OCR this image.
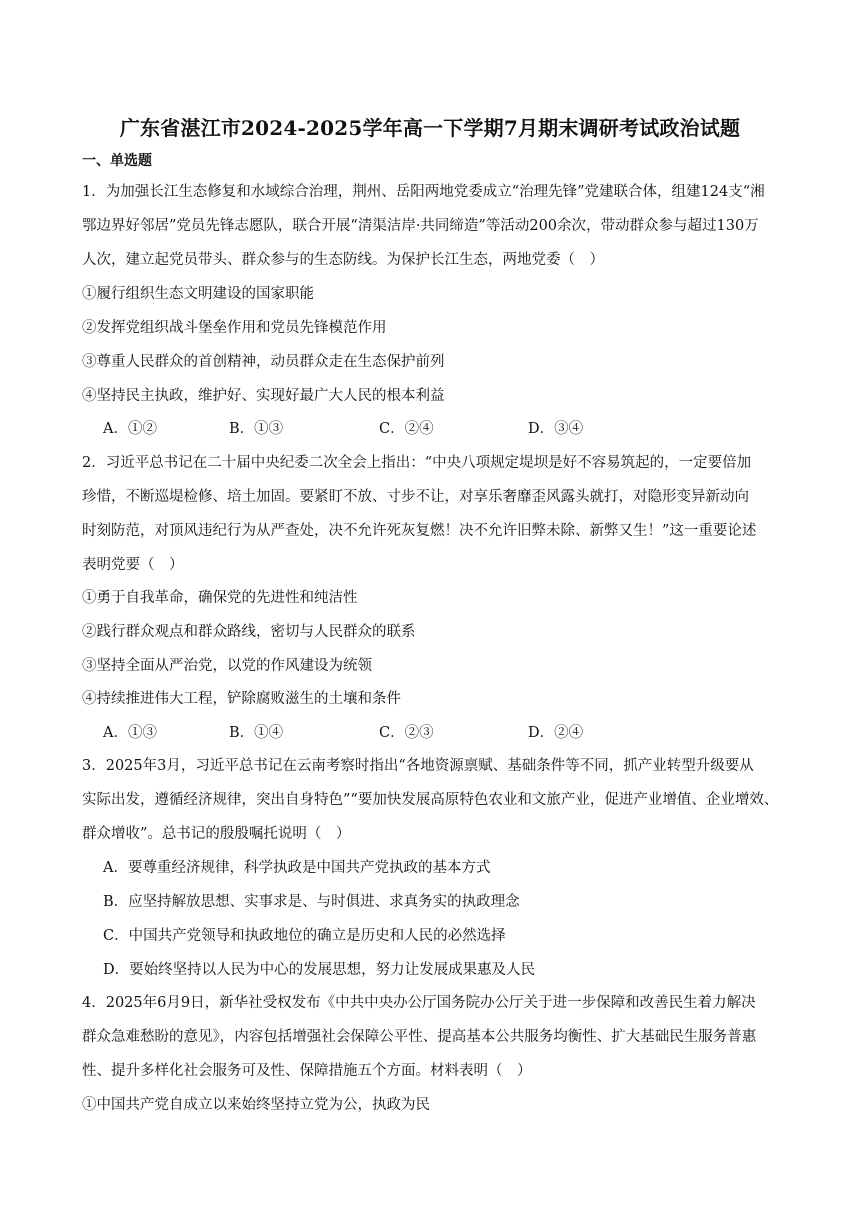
广东省湛江市2024-2025学年高一下学期7月期末调研考试政治试题
一、单选题
1．为加强长江生态修复和水域综合治理，荆州、岳阳两地党委成立“治理先锋”党建联合体，组建124支“湘
鄂边界好邻居”党员先锋志愿队，联合开展“清渠洁岸·共同缔造”等活动200余次，带动群众参与超过130万
人次，建立起党员带头、群众参与的生态防线。为保护长江生态，两地党委（　）
①履行组织生态文明建设的国家职能
②发挥党组织战斗堡垒作用和党员先锋模范作用
③尊重人民群众的首创精神，动员群众走在生态保护前列
④坚持民主执政，维护好、实现好最广大人民的根本利益
A．①②	B．①③	C．②④	D．③④
2．习近平总书记在二十届中央纪委二次全会上指出：“中央八项规定堤坝是好不容易筑起的，一定要倍加
珍惜，不断巡堤检修、培土加固。要紧盯不放、寸步不让，对享乐奢靡歪风露头就打，对隐形变异新动向
时刻防范，对顶风违纪行为从严查处，决不允许死灰复燃！决不允许旧弊未除、新弊又生！”这一重要论述
表明党要（　）
①勇于自我革命，确保党的先进性和纯洁性
②践行群众观点和群众路线，密切与人民群众的联系
③坚持全面从严治党，以党的作风建设为统领
④持续推进伟大工程，铲除腐败滋生的土壤和条件
A．①③	B．①④	C．②③	D．②④
3．2025年3月，习近平总书记在云南考察时指出“各地资源禀赋、基础条件等不同，抓产业转型升级要从
实际出发，遵循经济规律，突出自身特色”“要加快发展高原特色农业和文旅产业，促进产业增值、企业增效、
群众增收”。总书记的殷殷嘱托说明（　）
A．要尊重经济规律，科学执政是中国共产党执政的基本方式
B．应坚持解放思想、实事求是、与时俱进、求真务实的执政理念
C．中国共产党领导和执政地位的确立是历史和人民的必然选择
D．要始终坚持以人民为中心的发展思想，努力让发展成果惠及人民
4．2025年6月9日，新华社受权发布《中共中央办公厅国务院办公厅关于进一步保障和改善民生着力解决
群众急难愁盼的意见》，内容包括增强社会保障公平性、提高基本公共服务均衡性、扩大基础民生服务普惠
性、提升多样化社会服务可及性、保障措施五个方面。材料表明（　）
①中国共产党自成立以来始终坚持立党为公，执政为民
